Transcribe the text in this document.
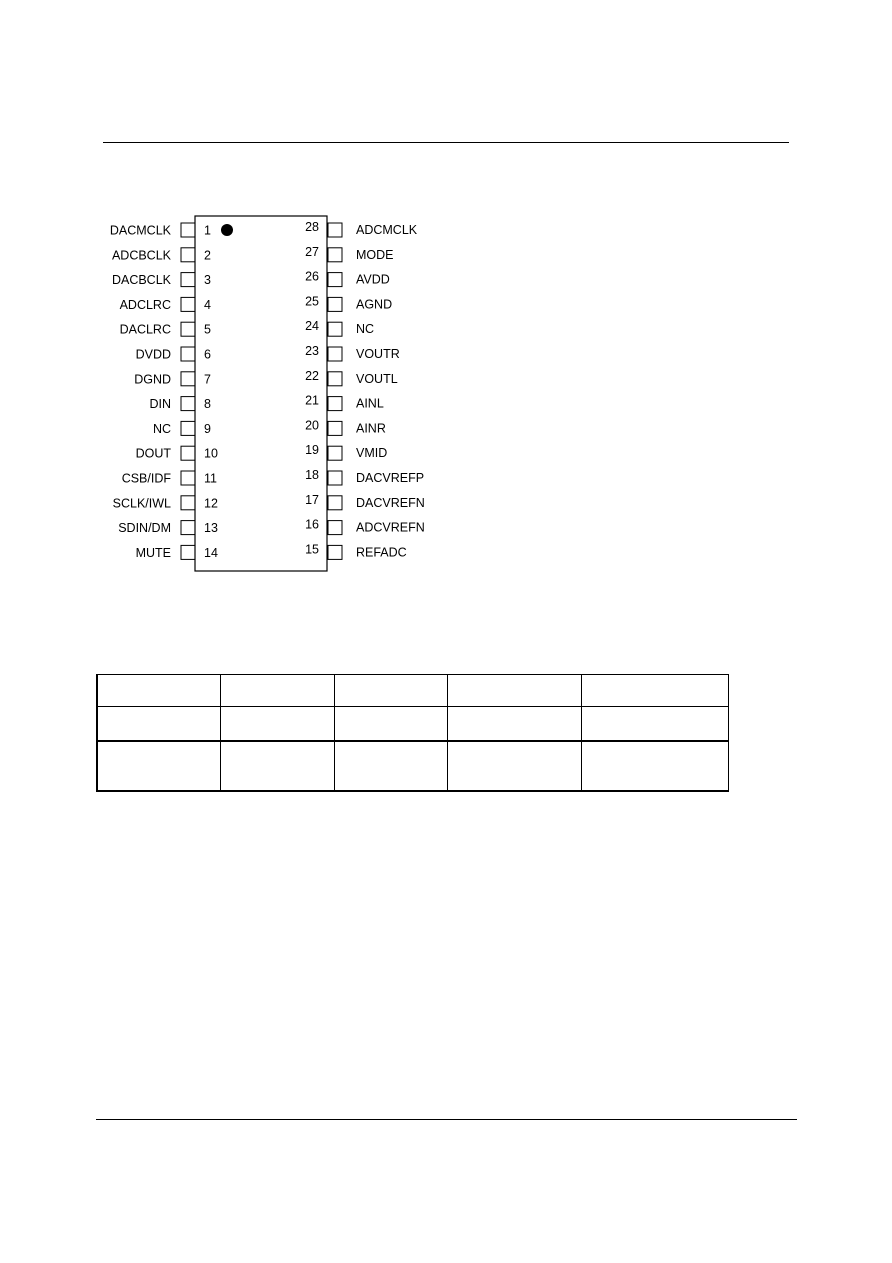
DACMCLK	1
ADCBCLK	2
DACBCLK	3
ADCLRC	4
DACLRC	5
DVDD	6
DGND	7
DIN	8
NC	9
DOUT	10
CSB/IDF	11
SCLK/IWL	12
SDIN/DM	13
MUTE	14
28	ADCMCLK
27	MODE
26	AVDD
25	AGND
24	NC
23	VOUTR
22	VOUTL
21	AINL
20	AINR
19	VMID
18	DACVREFP
17	DACVREFN
16	ADCVREFN
15	REFADC
